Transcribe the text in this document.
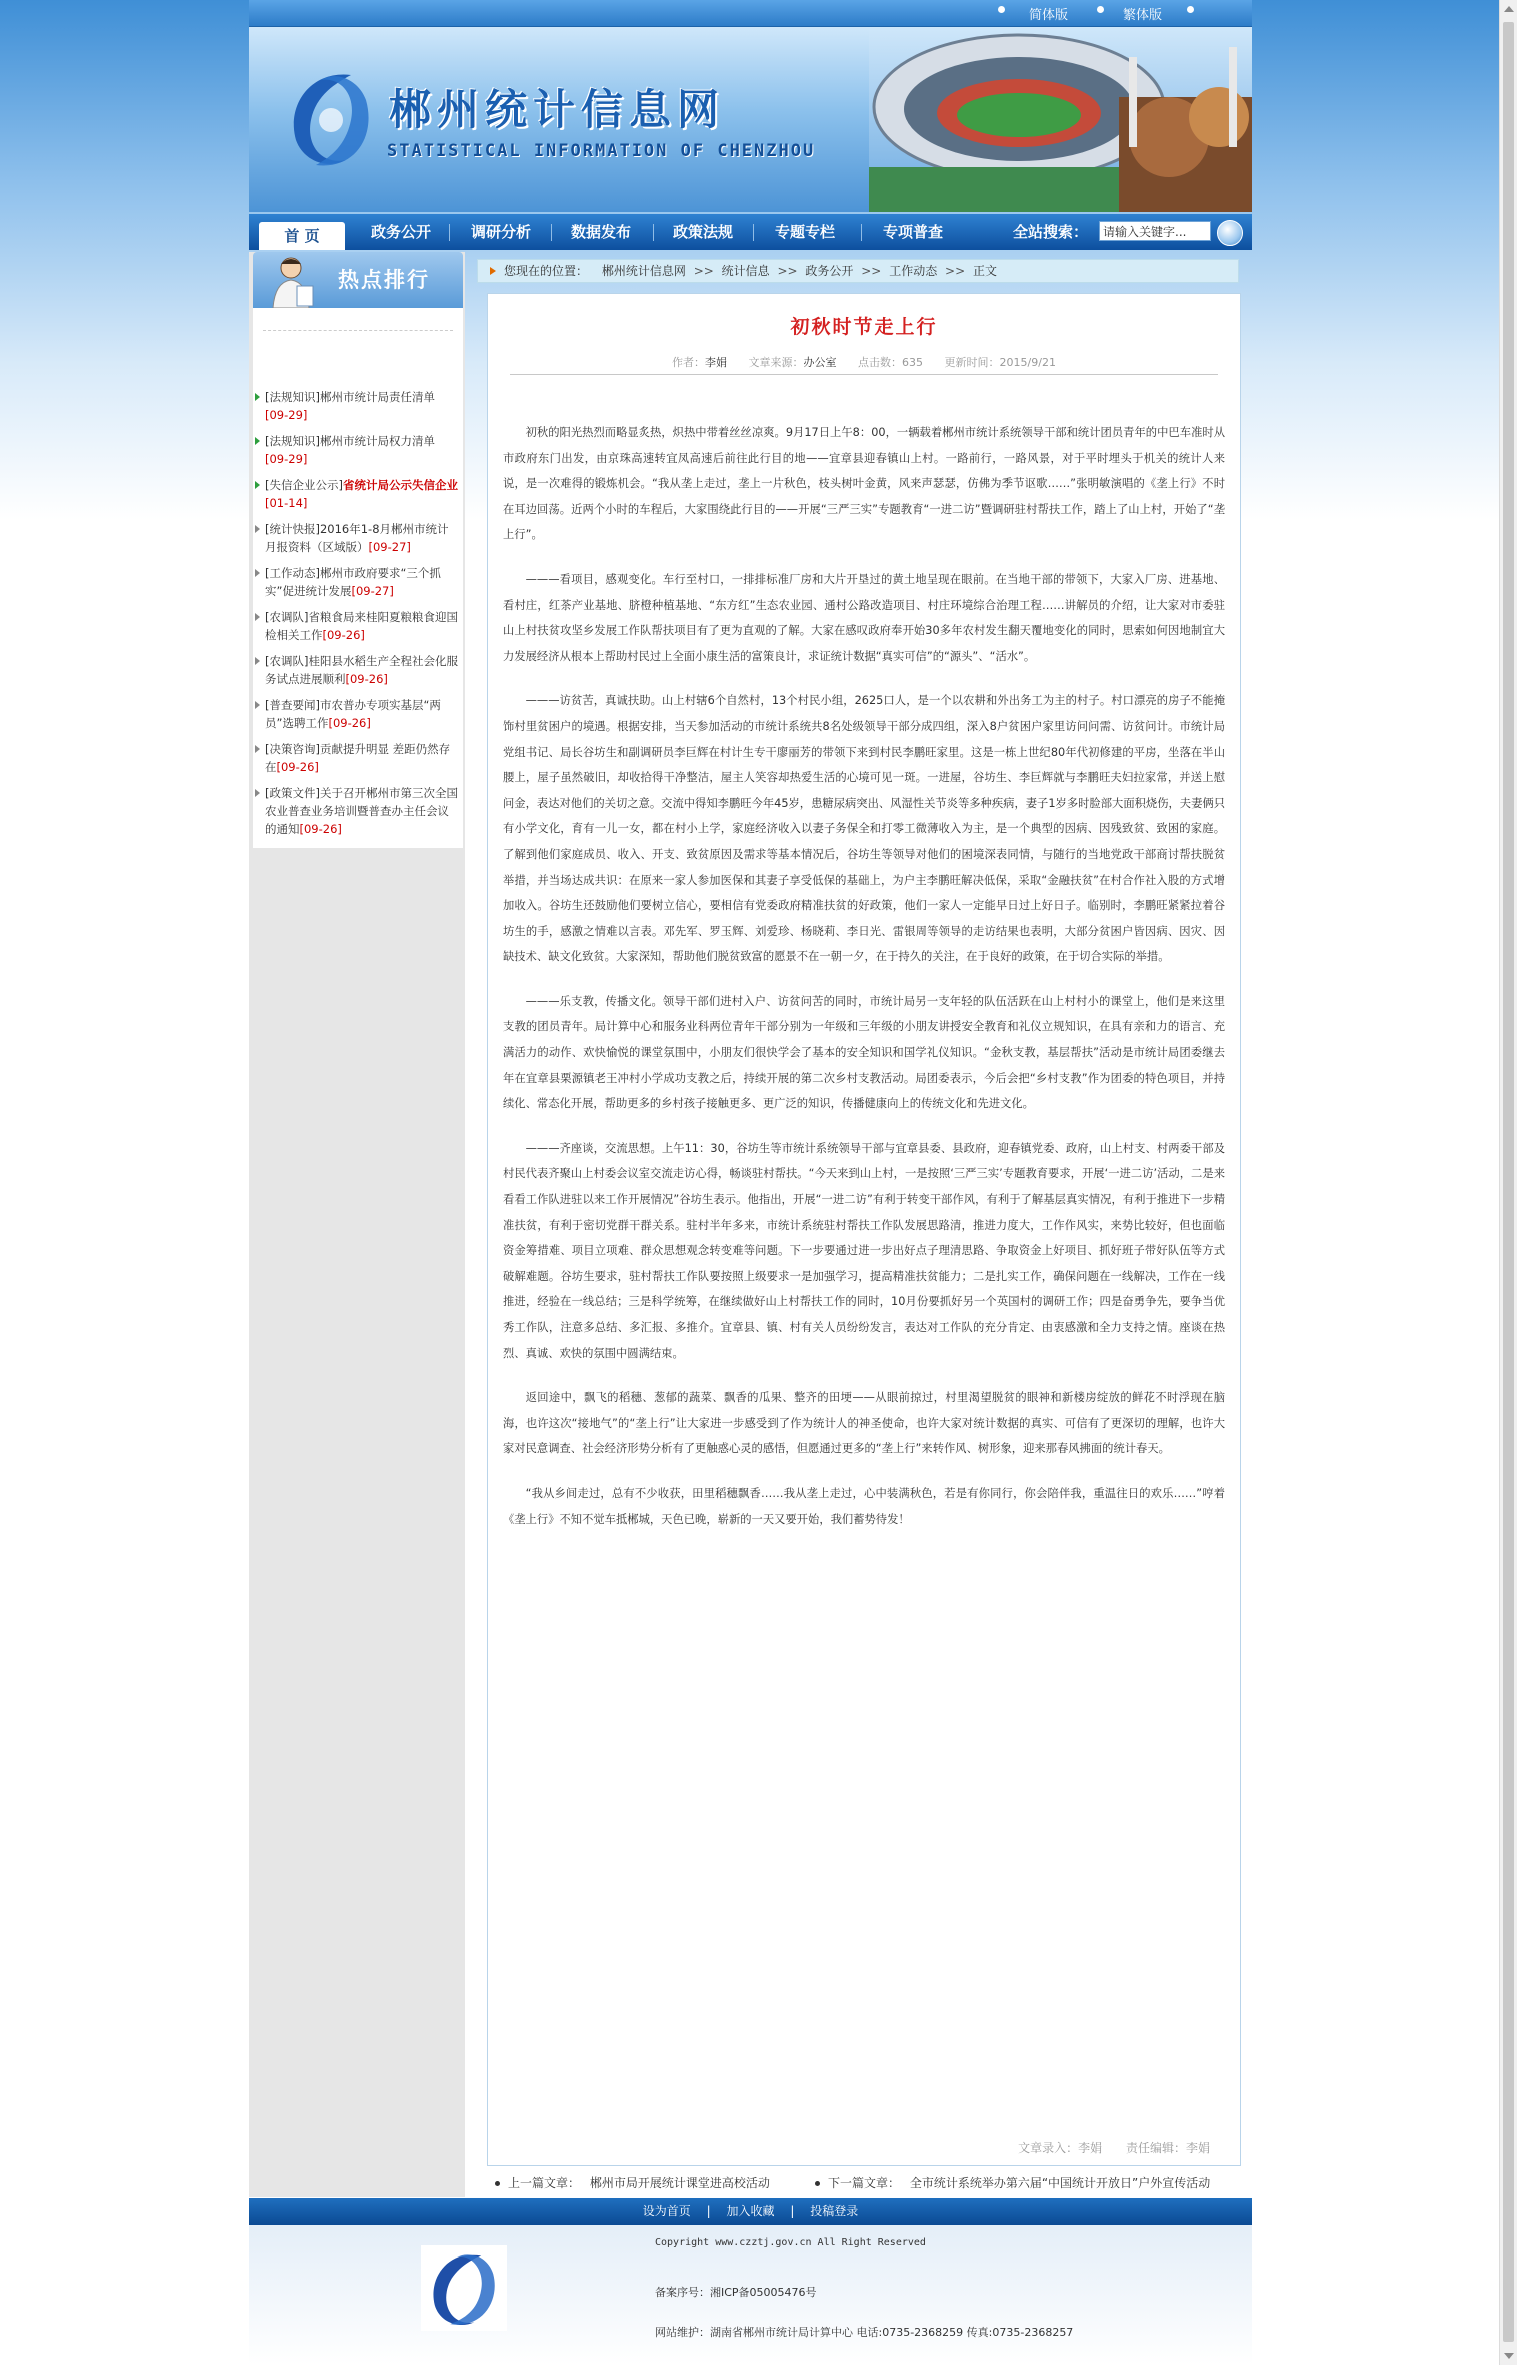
简体版	繁体版
郴州统计信息网
STATISTICAL INFORMATION OF CHENZHOU
首 页	政务公开	调研分析	数据发布	政策法规	专题专栏	专项普查	全站搜索：
请输入关键字...
热点排行
[法规知识]郴州市统计局责任清单
[09-29]
[法规知识]郴州市统计局权力清单
[09-29]
[失信企业公示]省统计局公示失信企业[01-14]
[统计快报]2016年1-8月郴州市统计月报资料（区域版）[09-27]
[工作动态]郴州市政府要求“三个抓实”促进统计发展[09-27]
[农调队]省粮食局来桂阳夏粮粮食迎国检相关工作[09-26]
[农调队]桂阳县水稻生产全程社会化服务试点进展顺利[09-26]
[普查要闻]市农普办专项实基层“两员”选聘工作[09-26]
[决策咨询]贡献提升明显 差距仍然存在[09-26]
[政策文件]关于召开郴州市第三次全国农业普查业务培训暨普查办主任会议的通知[09-26]
您现在的位置： 郴州统计信息网 >> 统计信息 >> 政务公开 >> 工作动态 >> 正文
初秋时节走上行
作者：李娟 文章来源：办公室 点击数：635 更新时间：2015/9/21

初秋的阳光热烈而略显炙热，炽热中带着丝丝凉爽。9月17日上午8：00，一辆载着郴州市统计系统领导干部和统计团员青年的中巴车准时从市政府东门出发，由京珠高速转宜凤高速后前往此行目的地——宜章县迎春镇山上村。一路前行，一路风景，对于平时埋头于机关的统计人来说，是一次难得的锻炼机会。“我从垄上走过，垄上一片秋色，枝头树叶金黄，风来声瑟瑟，仿佛为季节讴歌……”张明敏演唱的《垄上行》不时在耳边回荡。近两个小时的车程后，大家围绕此行目的——开展“三严三实”专题教育“一进二访”暨调研驻村帮扶工作，踏上了山上村，开始了“垄上行”。

———看项目，感观变化。车行至村口，一排排标准厂房和大片开垦过的黄土地呈现在眼前。在当地干部的带领下，大家入厂房、进基地、看村庄，红茶产业基地、脐橙种植基地、“东方红”生态农业园、通村公路改造项目、村庄环境综合治理工程……讲解员的介绍，让大家对市委驻山上村扶贫攻坚乡发展工作队帮扶项目有了更为直观的了解。大家在感叹政府奉开始30多年农村发生翻天覆地变化的同时，思索如何因地制宜大力发展经济从根本上帮助村民过上全面小康生活的富策良计，求证统计数据“真实可信”的“源头”、“活水”。

———访贫苦，真诚扶助。山上村辖6个自然村，13个村民小组，2625口人，是一个以农耕和外出务工为主的村子。村口漂亮的房子不能掩饰村里贫困户的境遇。根据安排，当天参加活动的市统计系统共8名处级领导干部分成四组，深入8户贫困户家里访问问需、访贫问计。市统计局党组书记、局长谷坊生和副调研员李巨辉在村计生专干廖丽芳的带领下来到村民李鹏旺家里。这是一栋上世纪80年代初修建的平房，坐落在半山腰上，屋子虽然破旧，却收拾得干净整洁，屋主人笑容却热爱生活的心境可见一斑。一进屋，谷坊生、李巨辉就与李鹏旺夫妇拉家常，并送上慰问金，表达对他们的关切之意。交流中得知李鹏旺今年45岁，患糖尿病突出、风湿性关节炎等多种疾病，妻子1岁多时脸部大面积烧伤，夫妻俩只有小学文化，育有一儿一女，都在村小上学，家庭经济收入以妻子务保全和打零工微薄收入为主，是一个典型的因病、因残致贫、致困的家庭。了解到他们家庭成员、收入、开支、致贫原因及需求等基本情况后，谷坊生等领导对他们的困境深表同情，与随行的当地党政干部商讨帮扶脱贫举措，并当场达成共识：在原来一家人参加医保和其妻子享受低保的基础上，为户主李鹏旺解决低保，采取“金融扶贫”在村合作社入股的方式增加收入。谷坊生还鼓励他们要树立信心，要相信有党委政府精准扶贫的好政策，他们一家人一定能早日过上好日子。临别时，李鹏旺紧紧拉着谷坊生的手，感激之情难以言表。邓先军、罗玉辉、刘爱珍、杨晓莉、李日光、雷银周等领导的走访结果也表明，大部分贫困户皆因病、因灾、因缺技术、缺文化致贫。大家深知，帮助他们脱贫致富的愿景不在一朝一夕，在于持久的关注，在于良好的政策，在于切合实际的举措。

———乐支教，传播文化。领导干部们进村入户、访贫问苦的同时，市统计局另一支年轻的队伍活跃在山上村村小的课堂上，他们是来这里支教的团员青年。局计算中心和服务业科两位青年干部分别为一年级和三年级的小朋友讲授安全教育和礼仪立规知识，在具有亲和力的语言、充满活力的动作、欢快愉悦的课堂氛围中，小朋友们很快学会了基本的安全知识和国学礼仪知识。“金秋支教，基层帮扶”活动是市统计局团委继去年在宜章县栗源镇老王冲村小学成功支教之后，持续开展的第二次乡村支教活动。局团委表示，今后会把“乡村支教”作为团委的特色项目，并持续化、常态化开展，帮助更多的乡村孩子接触更多、更广泛的知识，传播健康向上的传统文化和先进文化。

———齐座谈，交流思想。上午11：30，谷坊生等市统计系统领导干部与宜章县委、县政府，迎春镇党委、政府，山上村支、村两委干部及村民代表齐聚山上村委会议室交流走访心得，畅谈驻村帮扶。“今天来到山上村，一是按照‘三严三实’专题教育要求，开展‘一进二访’活动，二是来看看工作队进驻以来工作开展情况”谷坊生表示。他指出，开展“一进二访”有利于转变干部作风，有利于了解基层真实情况，有利于推进下一步精准扶贫，有利于密切党群干群关系。驻村半年多来，市统计系统驻村帮扶工作队发展思路清，推进力度大，工作作风实，来势比较好，但也面临资金筹措难、项目立项难、群众思想观念转变难等问题。下一步要通过进一步出好点子理清思路、争取资金上好项目、抓好班子带好队伍等方式破解难题。谷坊生要求，驻村帮扶工作队要按照上级要求一是加强学习，提高精准扶贫能力；二是扎实工作，确保问题在一线解决，工作在一线推进，经验在一线总结；三是科学统筹，在继续做好山上村帮扶工作的同时，10月份要抓好另一个英国村的调研工作；四是奋勇争先，要争当优秀工作队，注意多总结、多汇报、多推介。宜章县、镇、村有关人员纷纷发言，表达对工作队的充分肯定、由衷感激和全力支持之情。座谈在热烈、真诚、欢快的氛围中圆满结束。

返回途中，飘飞的稻穗、葱郁的蔬菜、飘香的瓜果、整齐的田埂——从眼前掠过，村里渴望脱贫的眼神和新楼房绽放的鲜花不时浮现在脑海，也许这次“接地气”的“垄上行”让大家进一步感受到了作为统计人的神圣使命，也许大家对统计数据的真实、可信有了更深切的理解，也许大家对民意调查、社会经济形势分析有了更触惑心灵的感悟，但愿通过更多的“垄上行”来转作风、树形象，迎来那春风拂面的统计春天。

“我从乡间走过，总有不少收获，田里稻穗飘香……我从垄上走过，心中装满秋色，若是有你同行，你会陪伴我，重温往日的欢乐……”哼着《垄上行》不知不觉车抵郴城，天色已晚，崭新的一天又要开始，我们蓄势待发！

文章录入：李娟 责任编辑：李娟
上一篇文章： 郴州市局开展统计课堂进高校活动	下一篇文章： 全市统计系统举办第六届“中国统计开放日”户外宣传活动
设为首页 | 加入收藏 | 投稿登录
Copyright www.czztj.gov.cn All Right Reserved
备案序号：湘ICP备05005476号
网站维护：湖南省郴州市统计局计算中心 电话:0735-2368259 传真:0735-2368257
